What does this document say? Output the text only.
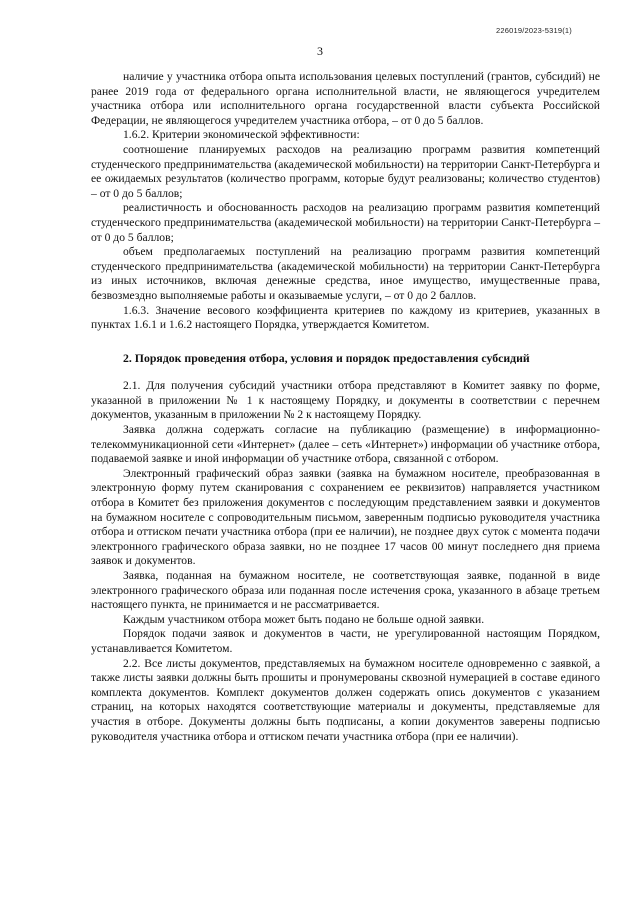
226019/2023-5319(1)
3

наличие у участника отбора опыта использования целевых поступлений (грантов, субсидий) не ранее 2019 года от федерального органа исполнительной власти, не являющегося учредителем участника отбора или исполнительного органа государственной власти субъекта Российской Федерации, не являющегося учредителем участника отбора, – от 0 до 5 баллов.

1.6.2. Критерии экономической эффективности:

соотношение планируемых расходов на реализацию программ развития компетенций студенческого предпринимательства (академической мобильности) на территории Санкт-Петербурга и ее ожидаемых результатов (количество программ, которые будут реализованы; количество студентов) – от 0 до 5 баллов;

реалистичность и обоснованность расходов на реализацию программ развития компетенций студенческого предпринимательства (академической мобильности) на территории Санкт-Петербурга – от 0 до 5 баллов;

объем предполагаемых поступлений на реализацию программ развития компетенций студенческого предпринимательства (академической мобильности) на территории Санкт-Петербурга из иных источников, включая денежные средства, иное имущество, имущественные права, безвозмездно выполняемые работы и оказываемые услуги, – от 0 до 2 баллов.

1.6.3. Значение весового коэффициента критериев по каждому из критериев, указанных в пунктах 1.6.1 и 1.6.2 настоящего Порядка, утверждается Комитетом.

2. Порядок проведения отбора, условия и порядок предоставления субсидий

2.1. Для получения субсидий участники отбора представляют в Комитет заявку по форме, указанной в приложении № 1 к настоящему Порядку, и документы в соответствии с перечнем документов, указанным в приложении № 2 к настоящему Порядку.

Заявка должна содержать согласие на публикацию (размещение) в информационно-телекоммуникационной сети «Интернет» (далее – сеть «Интернет») информации об участнике отбора, подаваемой заявке и иной информации об участнике отбора, связанной с отбором.

Электронный графический образ заявки (заявка на бумажном носителе, преобразованная в электронную форму путем сканирования с сохранением ее реквизитов) направляется участником отбора в Комитет без приложения документов с последующим представлением заявки и документов на бумажном носителе с сопроводительным письмом, заверенным подписью руководителя участника отбора и оттиском печати участника отбора (при ее наличии), не позднее двух суток с момента подачи электронного графического образа заявки, но не позднее 17 часов 00 минут последнего дня приема заявок и документов.

Заявка, поданная на бумажном носителе, не соответствующая заявке, поданной в виде электронного графического образа или поданная после истечения срока, указанного в абзаце третьем настоящего пункта, не принимается и не рассматривается.

Каждым участником отбора может быть подано не больше одной заявки.

Порядок подачи заявок и документов в части, не урегулированной настоящим Порядком, устанавливается Комитетом.

2.2. Все листы документов, представляемых на бумажном носителе одновременно с заявкой, а также листы заявки должны быть прошиты и пронумерованы сквозной нумерацией в составе единого комплекта документов. Комплект документов должен содержать опись документов с указанием страниц, на которых находятся соответствующие материалы и документы, представляемые для участия в отборе. Документы должны быть подписаны, а копии документов заверены подписью руководителя участника отбора и оттиском печати участника отбора (при ее наличии).
